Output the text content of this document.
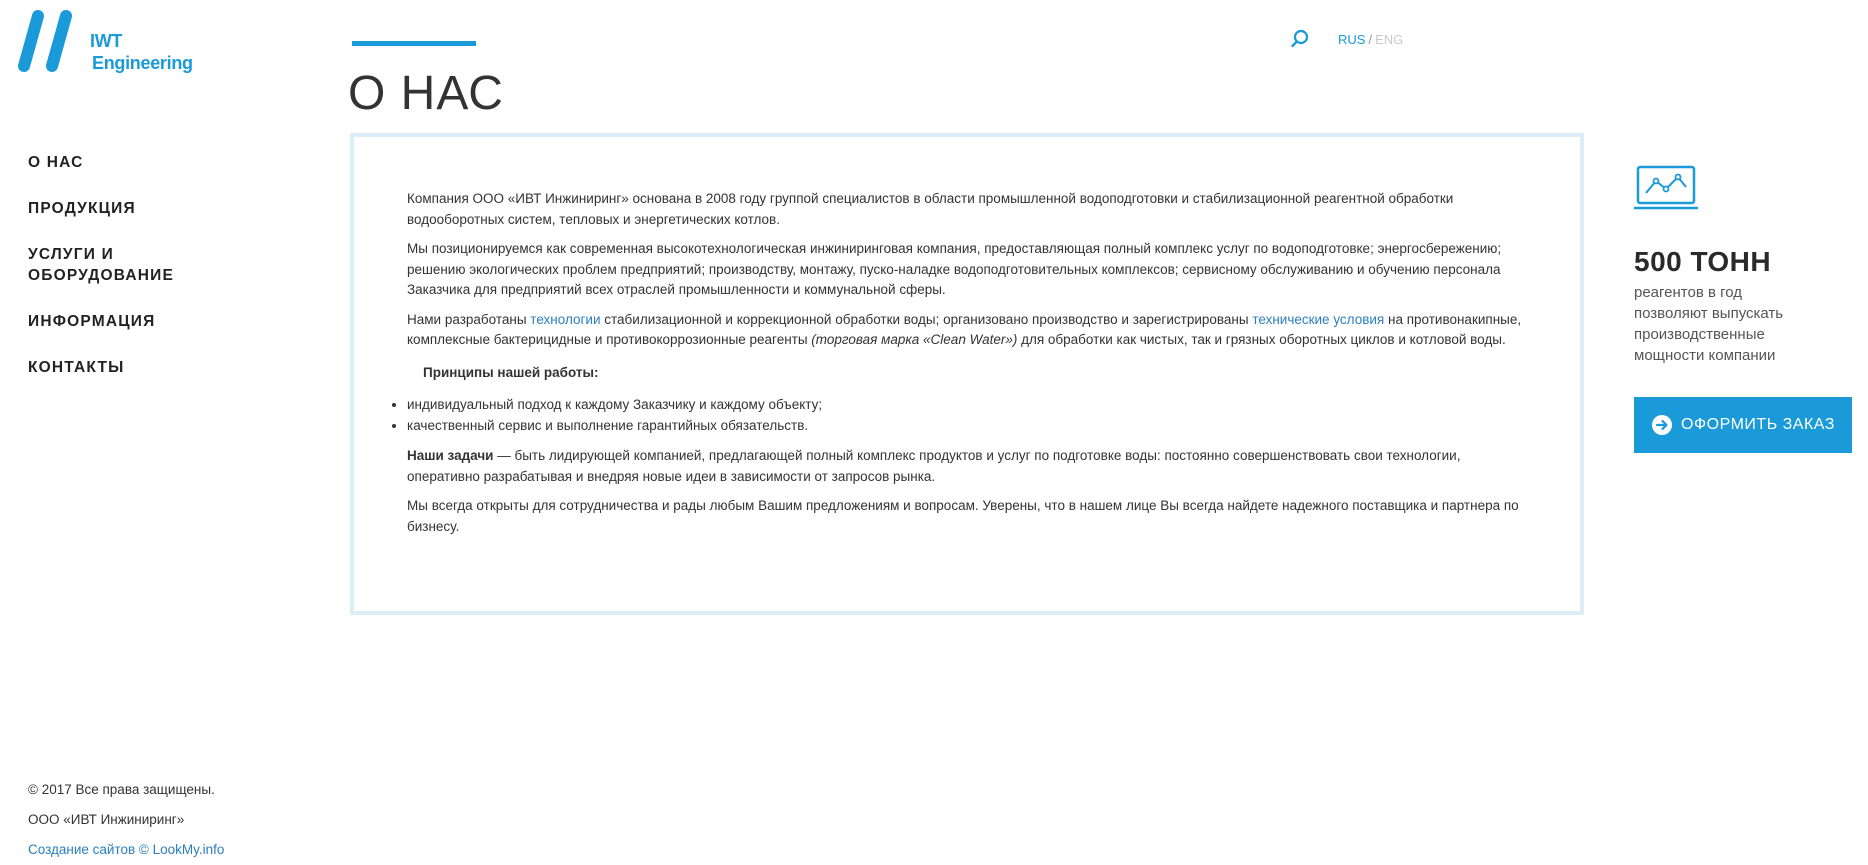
IWT
Engineering
О НАС
ПРОДУКЦИЯ
УСЛУГИ И ОБОРУДОВАНИЕ
ИНФОРМАЦИЯ
КОНТАКТЫ
О НАС
RUS / ENG

Компания ООО «ИВТ Инжиниринг» основана в 2008 году группой специалистов в области промышленной водоподготовки и стабилизационной реагентной обработки водооборотных систем, тепловых и энергетических котлов.

Мы позиционируемся как современная высокотехнологическая инжиниринговая компания, предоставляющая полный комплекс услуг по водоподготовке; энергосбережению; решению экологических проблем предприятий; производству, монтажу, пуско-наладке водоподготовительных комплексов; сервисному обслуживанию и обучению персонала Заказчика для предприятий всех отраслей промышленности и коммунальной сферы.

Нами разработаны технологии стабилизационной и коррекционной обработки воды; организовано производство и зарегистрированы технические условия на противонакипные, комплексные бактерицидные и противокоррозионные реагенты (торговая марка «Clean Water») для обработки как чистых, так и грязных оборотных циклов и котловой воды.

Принципы нашей работы:

• индивидуальный подход к каждому Заказчику и каждому объекту;
• качественный сервис и выполнение гарантийных обязательств.

Наши задачи — быть лидирующей компанией, предлагающей полный комплекс продуктов и услуг по подготовке воды: постоянно совершенствовать свои технологии, оперативно разрабатывая и внедряя новые идеи в зависимости от запросов рынка.

Мы всегда открыты для сотрудничества и рады любым Вашим предложениям и вопросам. Уверены, что в нашем лице Вы всегда найдете надежного поставщика и партнера по бизнесу.

500 ТОНН
реагентов в год позволяют выпускать производственные мощности компании
ОФОРМИТЬ ЗАКАЗ
© 2017 Все права защищены.
ООО «ИВТ Инжиниринг»
Создание сайтов © LookMy.info
